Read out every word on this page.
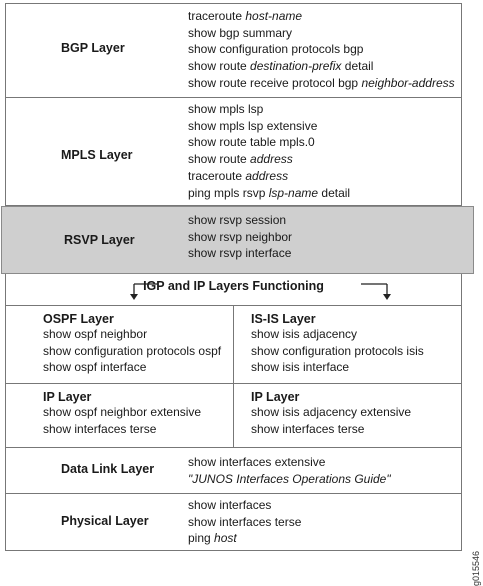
BGP Layer
traceroute host-name
show bgp summary
show configuration protocols bgp
show route destination-prefix detail
show route receive protocol bgp neighbor-address
MPLS Layer
show mpls lsp
show mpls lsp extensive
show route table mpls.0
show route address
traceroute address
ping mpls rsvp lsp-name detail
RSVP Layer
show rsvp session
show rsvp neighbor
show rsvp interface
IGP and IP Layers Functioning
OSPF Layer
show ospf neighbor
show configuration protocols ospf
show ospf interface
IS-IS Layer
show isis adjacency
show configuration protocols isis
show isis interface
IP Layer
show ospf neighbor extensive
show interfaces terse
IP Layer
show isis adjacency extensive
show interfaces terse
Data Link Layer	show interfaces extensive
"JUNOS Interfaces Operations Guide"
Physical Layer
show interfaces
show interfaces terse
ping host
g015546
